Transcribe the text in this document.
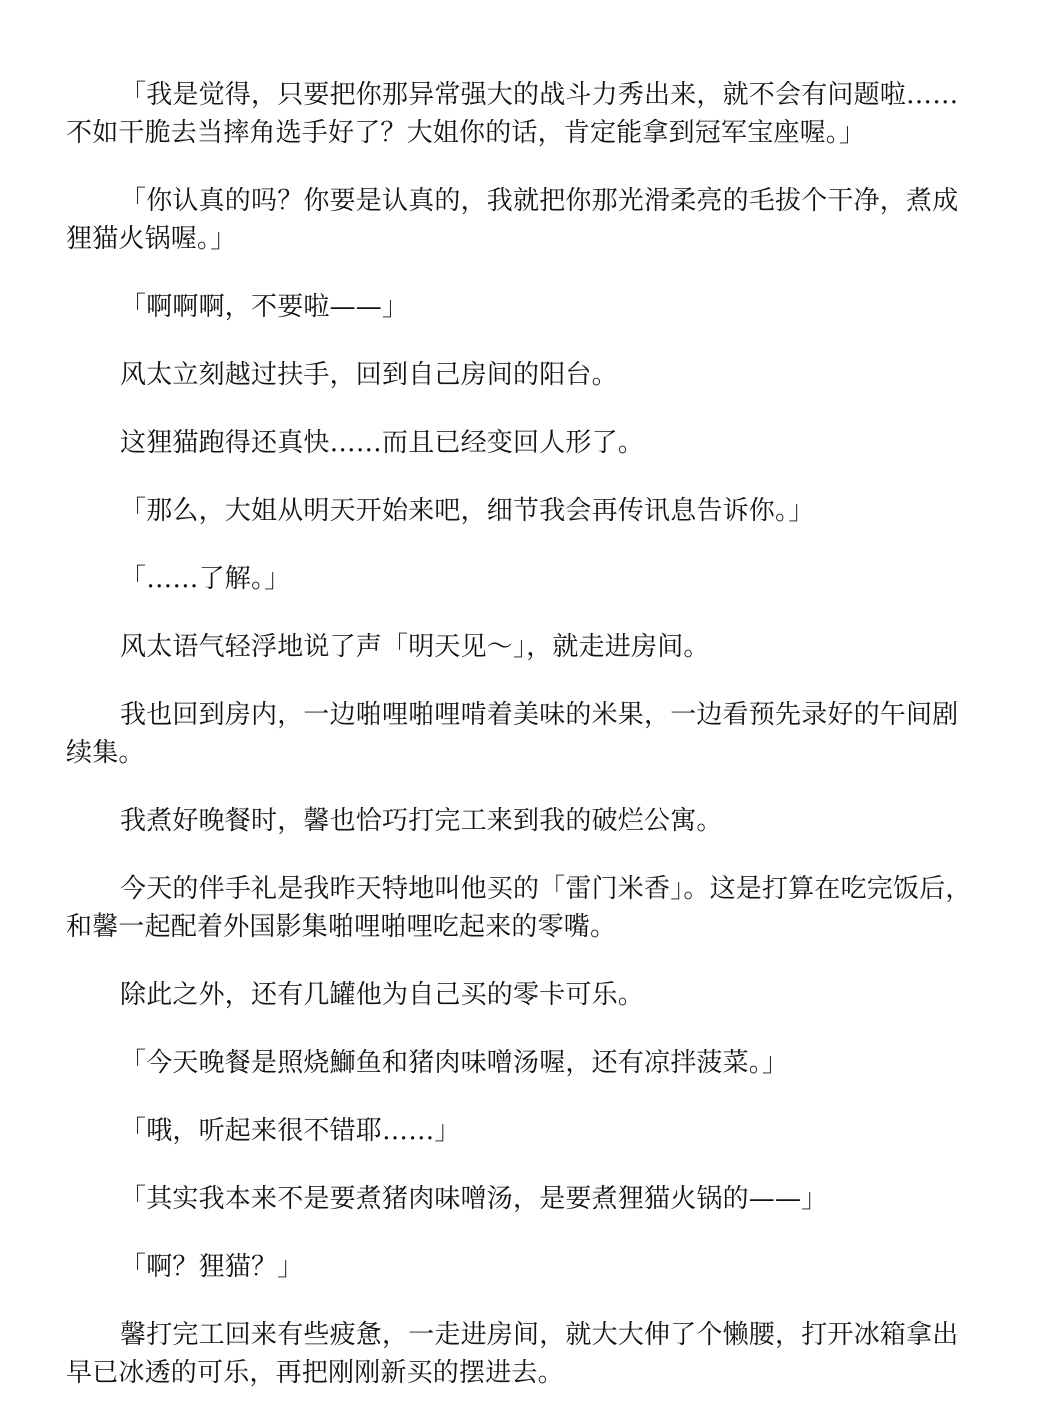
「我是觉得，只要把你那异常强大的战斗力秀出来，就不会有问题啦……不如干脆去当摔角选手好了？大姐你的话，肯定能拿到冠军宝座喔。」

「你认真的吗？你要是认真的，我就把你那光滑柔亮的毛拔个干净，煮成狸猫火锅喔。」

「啊啊啊，不要啦——」

风太立刻越过扶手，回到自己房间的阳台。

这狸猫跑得还真快……而且已经变回人形了。

「那么，大姐从明天开始来吧，细节我会再传讯息告诉你。」

「……了解。」

风太语气轻浮地说了声「明天见～」，就走进房间。

我也回到房内，一边啪哩啪哩啃着美味的米果，一边看预先录好的午间剧续集。

我煮好晚餐时，馨也恰巧打完工来到我的破烂公寓。

今天的伴手礼是我昨天特地叫他买的「雷门米香」。这是打算在吃完饭后，和馨一起配着外国影集啪哩啪哩吃起来的零嘴。

除此之外，还有几罐他为自己买的零卡可乐。

「今天晚餐是照烧鰤鱼和猪肉味噌汤喔，还有凉拌菠菜。」

「哦，听起来很不错耶……」

「其实我本来不是要煮猪肉味噌汤，是要煮狸猫火锅的——」

「啊？狸猫？」

馨打完工回来有些疲惫，一走进房间，就大大伸了个懒腰，打开冰箱拿出早已冰透的可乐，再把刚刚新买的摆进去。
